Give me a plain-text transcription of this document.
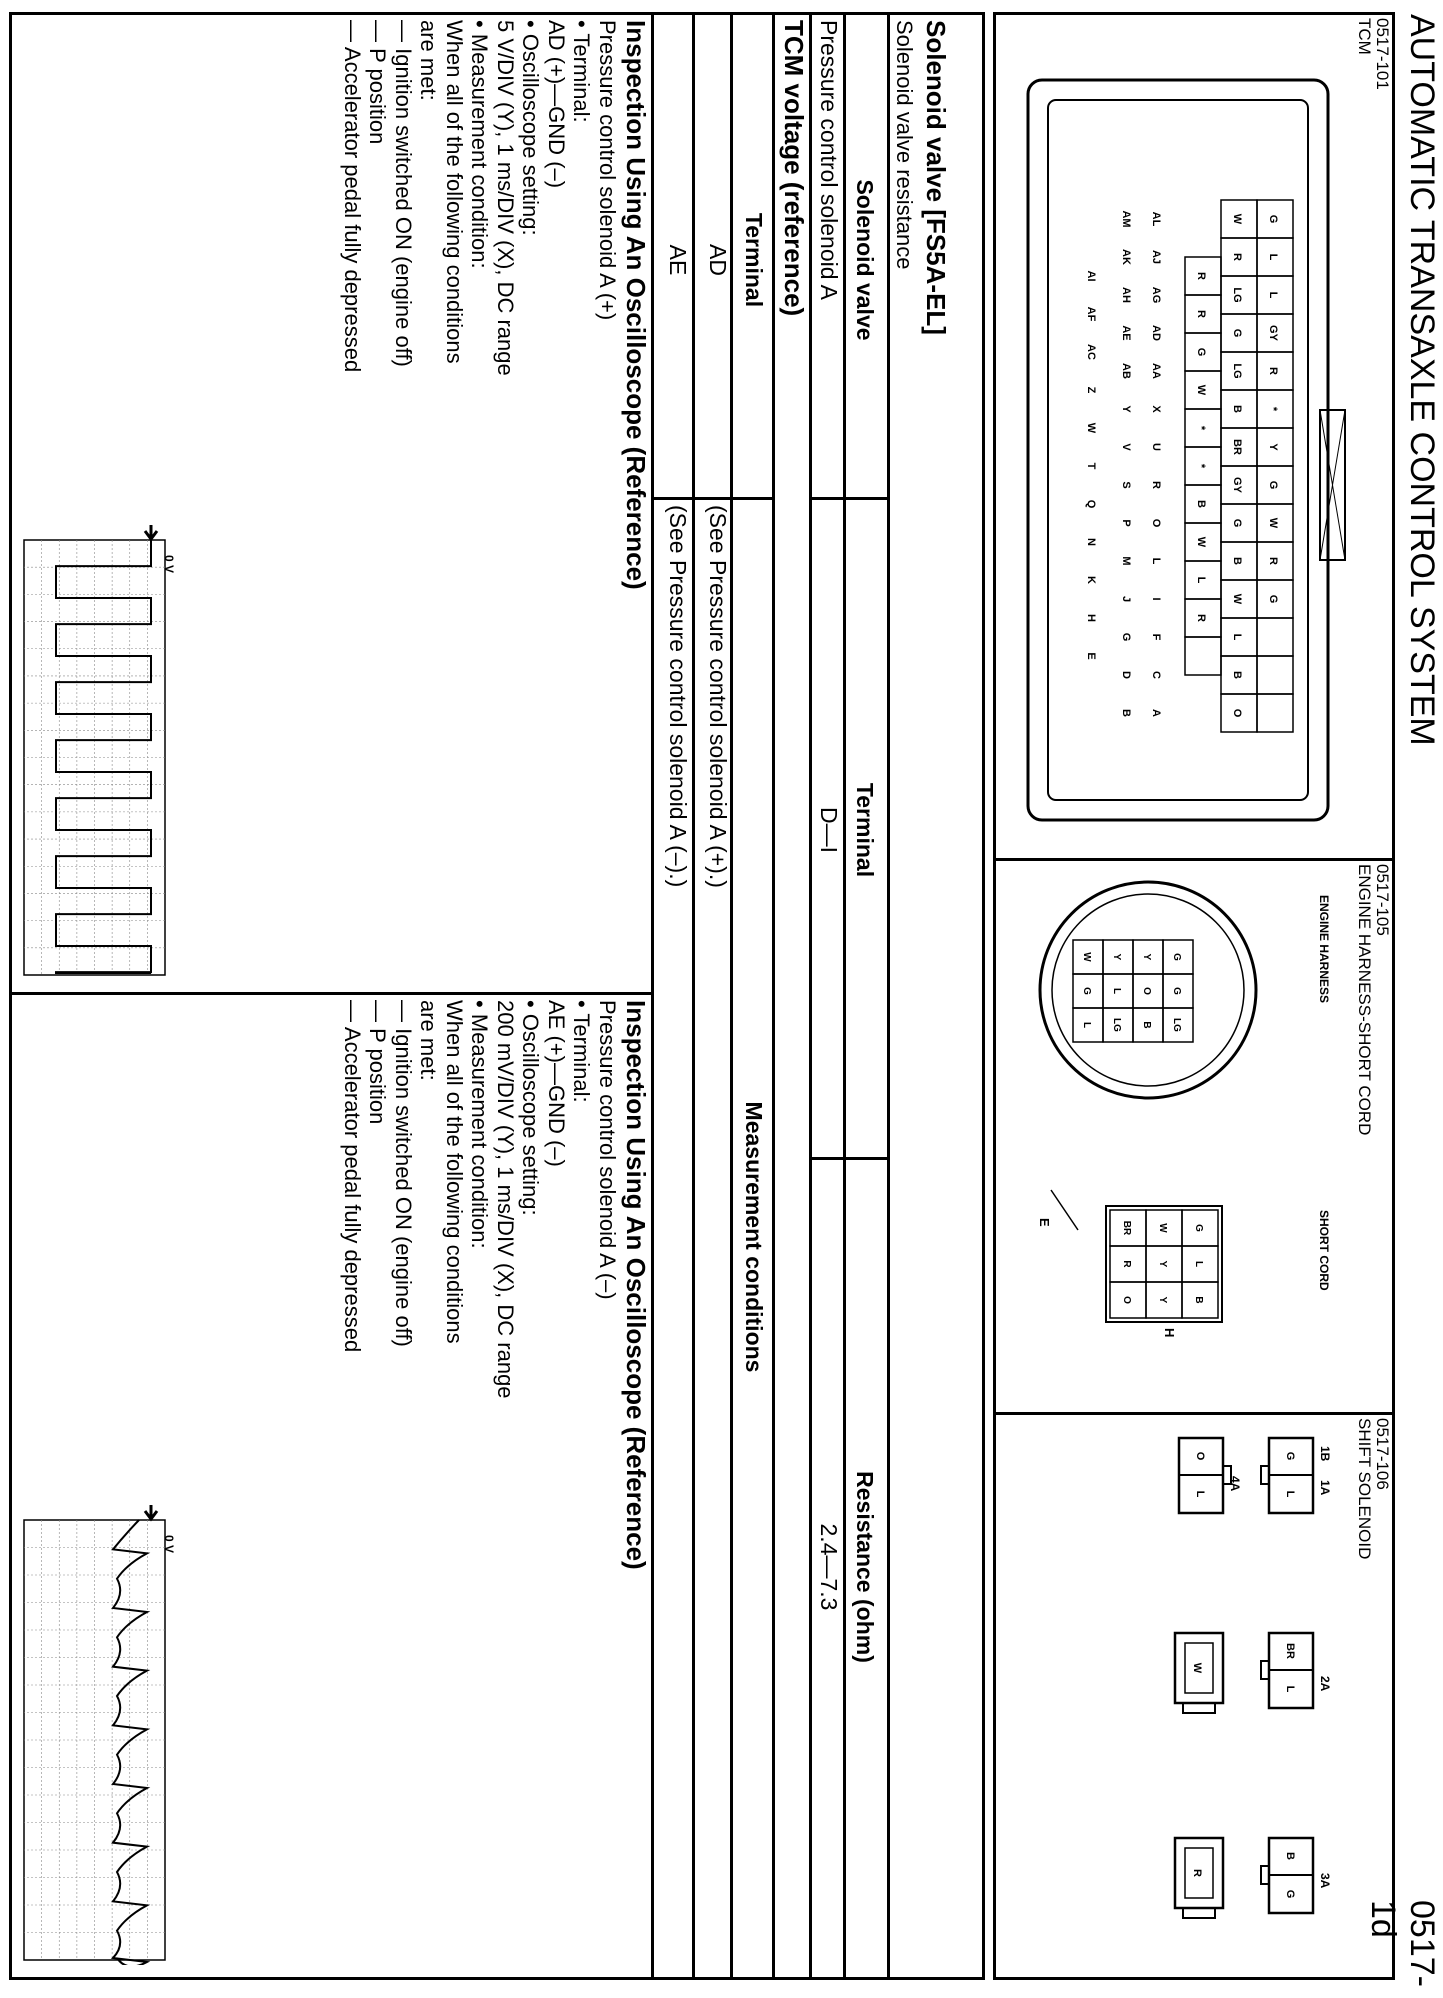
AUTOMATIC TRANSAXLE CONTROL SYSTEM
0517-1d
0517-101
TCM
G
L
L
GY
R
*
Y
G
W
R
G
W
R
LG
G
LG
B
BR
GY
G
B
W
L
B
O
R
R
G
W
*
*
B
W
L
R
AL
AJ
AG
AD
AA
X
U
R
O
L
I
F
C
A
AM
AK
AH
AE
AB
Y
V
S
P
M
J
G
D
B
AI
AF
AC
Z
W
T
Q
N
K
H
E
0517-105
ENGINE HARNESS-SHORT CORD
ENGINE HARNESS
SHORT CORD
G
G
LG
Y
O
B
Y
L
LG
W
G
L
G
W
BR
L
Y
R
B
Y
O
H
E
0517-106
SHIFT SOLENOID
1B
1A
G
L
2A
BR
L
3A
B
G
4A
O
L
W
R
Solenoid valve [FS5A-EL]
Solenoid valve resistance
Solenoid valve
Terminal
Resistance (ohm)
Pressure control solenoid A
D—I
2.4—7.3
TCM voltage (reference)
Terminal
Measurement conditions
AD
(See Pressure control solenoid A (+).)
AE
(See Pressure control solenoid A (–).)
Inspection Using An Oscilloscope (Reference)

Pressure control solenoid A (+)

• Terminal:

AD (+)—GND (–)

• Oscilloscope setting:

5 V/DIV (Y), 1 ms/DIV (X), DC range

• Measurement condition:

When all of the following conditions

are met:

— Ignition switched ON (engine off)

— P position

— Accelerator pedal fully depressed

0 V
Inspection Using An Oscilloscope (Reference)

Pressure control solenoid A (–)

• Terminal:

AE (+)—GND (–)

• Oscilloscope setting:

200 mV/DIV (Y), 1 ms/DIV (X), DC range

• Measurement condition:

When all of the following conditions

are met:

— Ignition switched ON (engine off)

— P position

— Accelerator pedal fully depressed

0 V
